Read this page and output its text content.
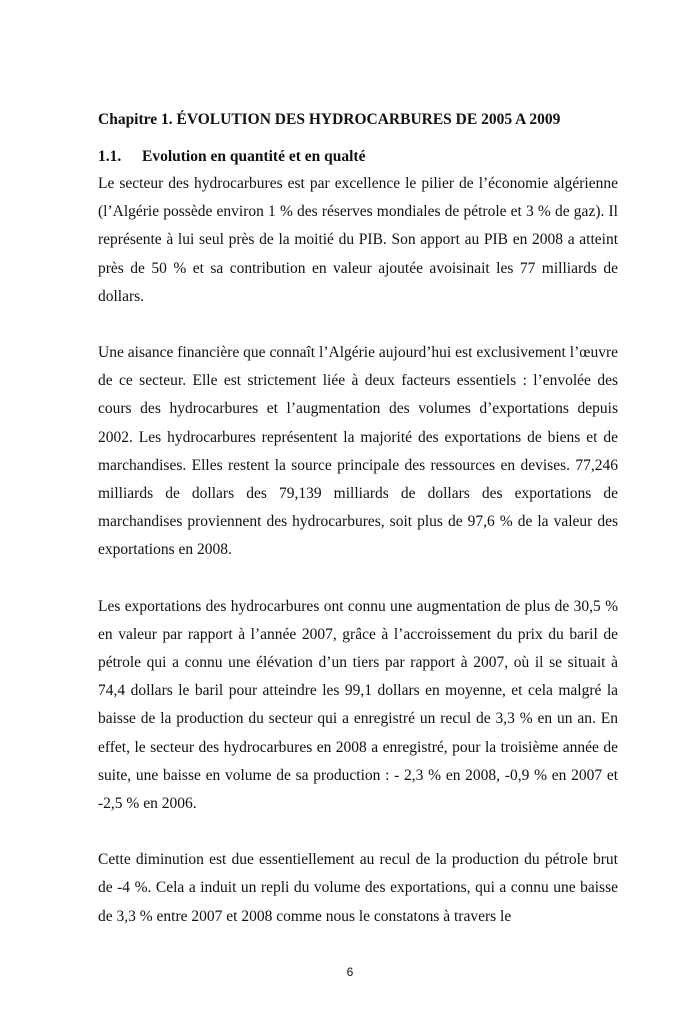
Chapitre 1. ÉVOLUTION DES HYDROCARBURES DE 2005 A 2009
1.1. Evolution en quantité et en qualté

Le secteur des hydrocarbures est par excellence le pilier de l’économie algérienne (l’Algérie possède environ 1 % des réserves mondiales de pétrole et 3 % de gaz). Il représente à lui seul près de la moitié du PIB. Son apport au PIB en 2008 a atteint près de 50 % et sa contribution en valeur ajoutée avoisinait les 77 milliards de dollars.

Une aisance financière que connaît l’Algérie aujourd’hui est exclusivement l’œuvre de ce secteur. Elle est strictement liée à deux facteurs essentiels : l’envolée des cours des hydrocarbures et l’augmentation des volumes d’exportations depuis 2002. Les hydrocarbures représentent la majorité des exportations de biens et de marchandises. Elles restent la source principale des ressources en devises. 77,246 milliards de dollars des 79,139 milliards de dollars des exportations de marchandises proviennent des hydrocarbures, soit plus de 97,6 % de la valeur des exportations en 2008.

Les exportations des hydrocarbures ont connu une augmentation de plus de 30,5 % en valeur par rapport à l’année 2007, grâce à l’accroissement du prix du baril de pétrole qui a connu une élévation d’un tiers par rapport à 2007, où il se situait à 74,4 dollars le baril pour atteindre les 99,1 dollars en moyenne, et cela malgré la baisse de la production du secteur qui a enregistré un recul de 3,3 % en un an. En effet, le secteur des hydrocarbures en 2008 a enregistré, pour la troisième année de suite, une baisse en volume de sa production : - 2,3 % en 2008, -0,9 % en 2007 et -2,5 % en 2006.

Cette diminution est due essentiellement au recul de la production du pétrole brut de -4 %. Cela a induit un repli du volume des exportations, qui a connu une baisse de 3,3 % entre 2007 et 2008 comme nous le constatons à travers le

6
